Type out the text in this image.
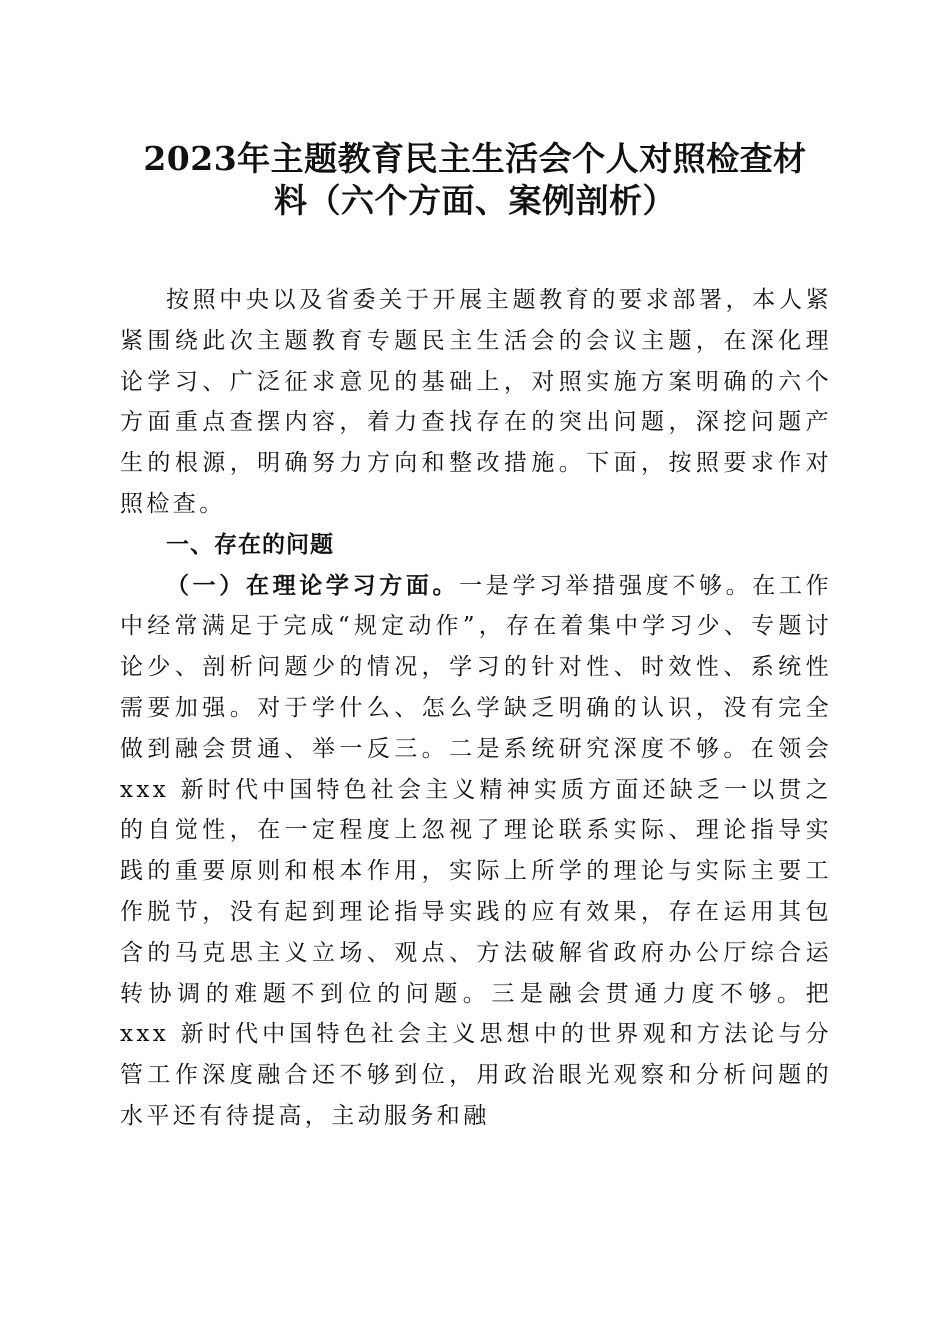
2023年主题教育民主生活会个人对照检查材
料（六个方面、案例剖析）

按照中央以及省委关于开展主题教育的要求部署，本人紧紧围绕此次主题教育专题民主生活会的会议主题，在深化理论学习、广泛征求意见的基础上，对照实施方案明确的六个方面重点查摆内容，着力查找存在的突出问题，深挖问题产生的根源，明确努力方向和整改措施。下面，按照要求作对照检查。

一、存在的问题

（一）在理论学习方面。一是学习举措强度不够。在工作中经常满足于完成“规定动作”，存在着集中学习少、专题讨论少、剖析问题少的情况，学习的针对性、时效性、系统性需要加强。对于学什么、怎么学缺乏明确的认识，没有完全做到融会贯通、举一反三。二是系统研究深度不够。在领会 xxx 新时代中国特色社会主义精神实质方面还缺乏一以贯之的自觉性，在一定程度上忽视了理论联系实际、理论指导实践的重要原则和根本作用，实际上所学的理论与实际主要工作脱节，没有起到理论指导实践的应有效果，存在运用其包含的马克思主义立场、观点、方法破解省政府办公厅综合运转协调的难题不到位的问题。三是融会贯通力度不够。把 xxx 新时代中国特色社会主义思想中的世界观和方法论与分管工作深度融合还不够到位，用政治眼光观察和分析问题的水平还有待提高，主动服务和融
